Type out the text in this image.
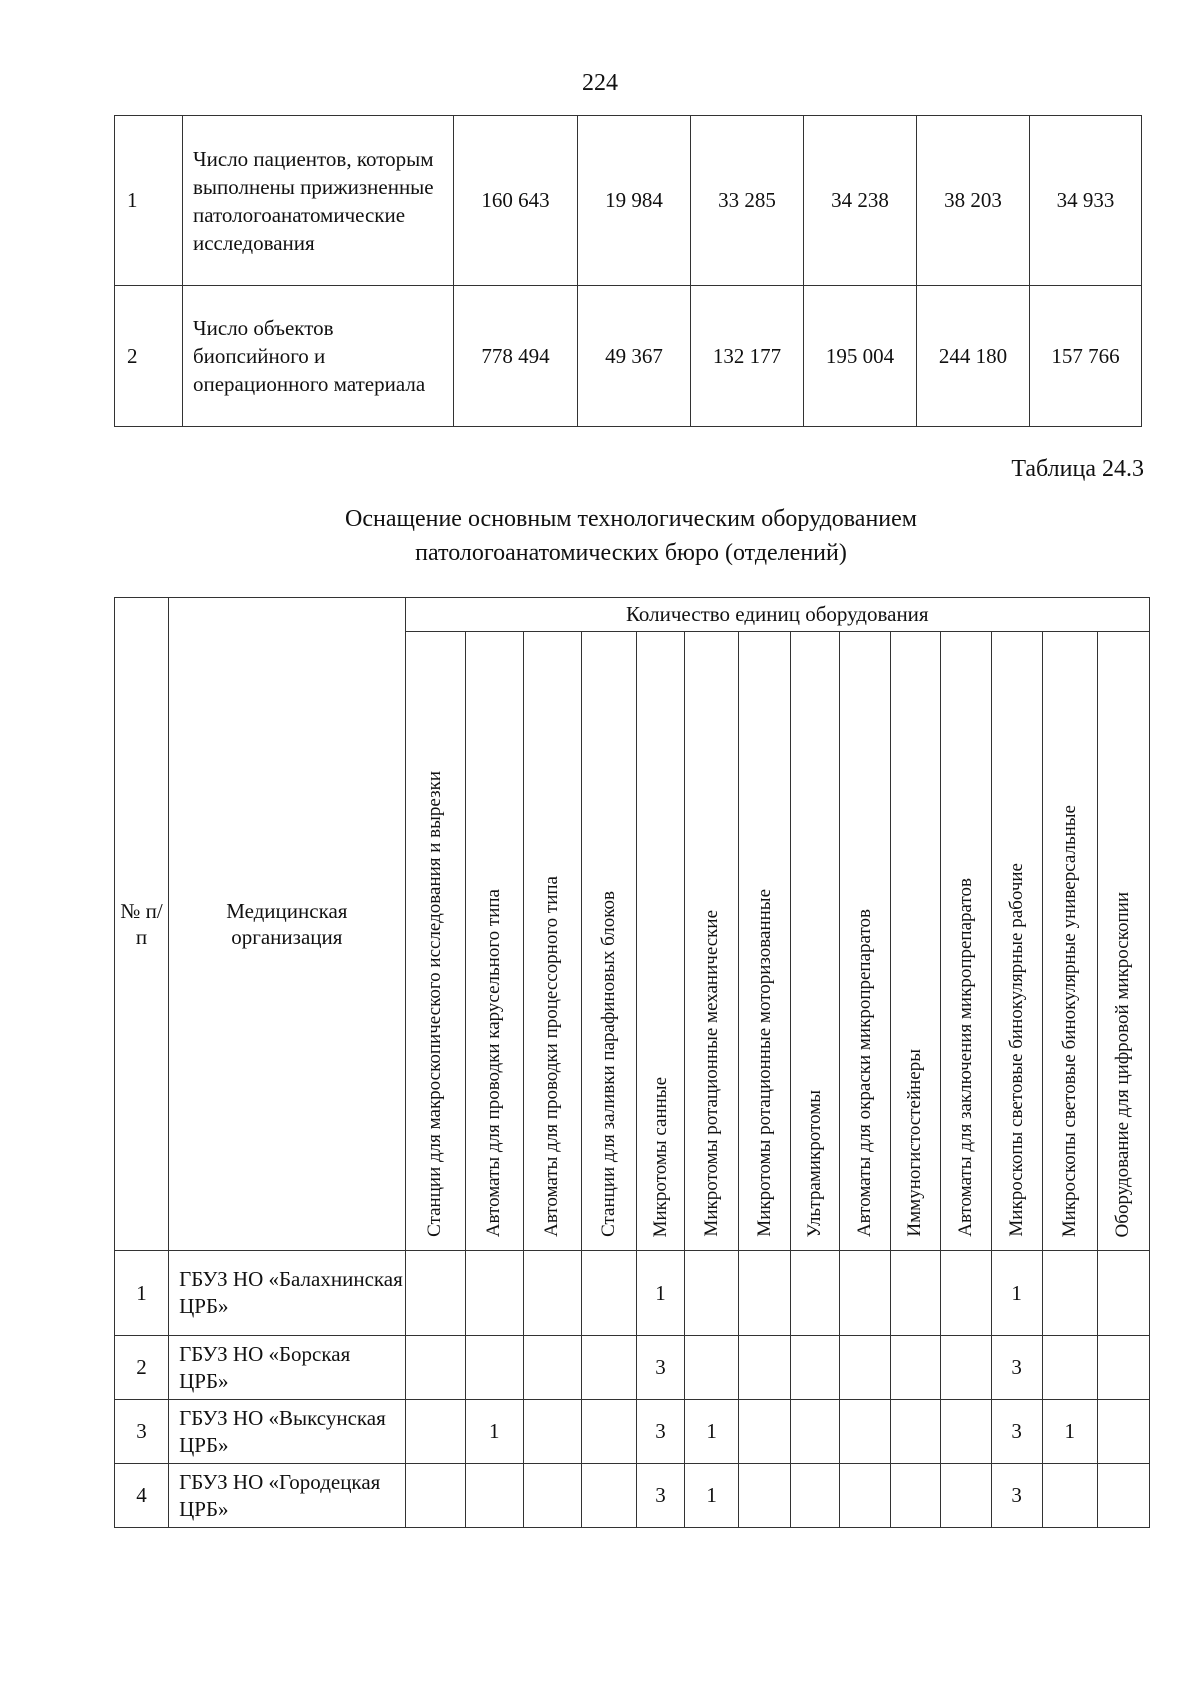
224
1	Число пациентов, которым выполнены прижизненные патологоанатомические исследования	160 643	19 984	33 285	34 238	38 203	34 933
2	Число объектов биопсийного и операционного материала	778 494	49 367	132 177	195 004	244 180	157 766
Таблица 24.3
Оснащение основным технологическим оборудованием
патологоанатомических бюро (отделений)
№ п/п	Медицинская организация	Количество единиц оборудования													
		Станции для макроскопического исследования и вырезки	Автоматы для проводки карусельного типа	Автоматы для проводки процессорного типа	Станции для заливки парафиновых блоков	Микротомы санные	Микротомы ротационные механические	Микротомы ротационные моторизованные	Ультрамикротомы	Автоматы для окраски микропрепаратов	Иммуногистостейнеры	Автоматы для заключения микропрепаратов	Микроскопы световые бинокулярные рабочие	Микроскопы световые бинокулярные универсальные	Оборудование для цифровой микроскопии
1	ГБУЗ НО «Балахнинская ЦРБ»					1							1		
2	ГБУЗ НО «Борская ЦРБ»					3							3		
3	ГБУЗ НО «Выксунская ЦРБ»		1			3	1						3	1	
4	ГБУЗ НО «Городецкая ЦРБ»					3	1						3		
